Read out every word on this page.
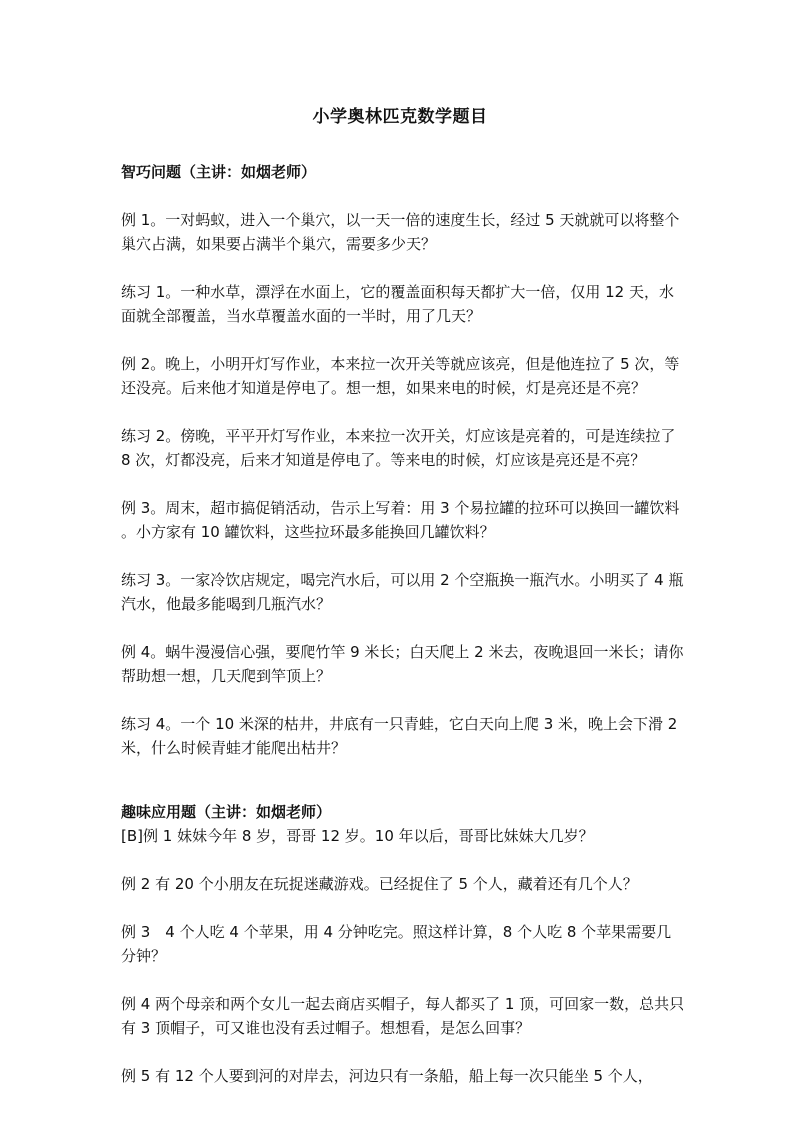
小学奥林匹克数学题目
智巧问题（主讲：如烟老师）

例 1。一对蚂蚁，进入一个巢穴，以一天一倍的速度生长，经过 5 天就就可以将整个巢穴占满，如果要占满半个巢穴，需要多少天？

练习 1。一种水草，漂浮在水面上，它的覆盖面积每天都扩大一倍，仅用 12 天，水面就全部覆盖，当水草覆盖水面的一半时，用了几天？

例 2。晚上，小明开灯写作业，本来拉一次开关等就应该亮，但是他连拉了 5 次，等还没亮。后来他才知道是停电了。想一想，如果来电的时候，灯是亮还是不亮？

练习 2。傍晚，平平开灯写作业，本来拉一次开关，灯应该是亮着的，可是连续拉了 8 次，灯都没亮，后来才知道是停电了。等来电的时候，灯应该是亮还是不亮？

例 3。周末，超市搞促销活动，告示上写着：用 3 个易拉罐的拉环可以换回一罐饮料。小方家有 10 罐饮料，这些拉环最多能换回几罐饮料？

练习 3。一家冷饮店规定，喝完汽水后，可以用 2 个空瓶换一瓶汽水。小明买了 4 瓶汽水，他最多能喝到几瓶汽水？

例 4。蜗牛漫漫信心强，要爬竹竿 9 米长；白天爬上 2 米去，夜晚退回一米长；请你帮助想一想，几天爬到竿顶上？

练习 4。一个 10 米深的枯井，井底有一只青蛙，它白天向上爬 3 米，晚上会下滑 2 米，什么时候青蛙才能爬出枯井？

趣味应用题（主讲：如烟老师）

[B]例 1 妹妹今年 8 岁，哥哥 12 岁。10 年以后，哥哥比妹妹大几岁？

例 2 有 20 个小朋友在玩捉迷藏游戏。已经捉住了 5 个人，藏着还有几个人？

例 3　4 个人吃 4 个苹果，用 4 分钟吃完。照这样计算，8 个人吃 8 个苹果需要几分钟？

例 4 两个母亲和两个女儿一起去商店买帽子，每人都买了 1 顶，可回家一数，总共只有 3 顶帽子，可又谁也没有丢过帽子。想想看，是怎么回事？

例 5 有 12 个人要到河的对岸去，河边只有一条船，船上每一次只能坐 5 个人，
